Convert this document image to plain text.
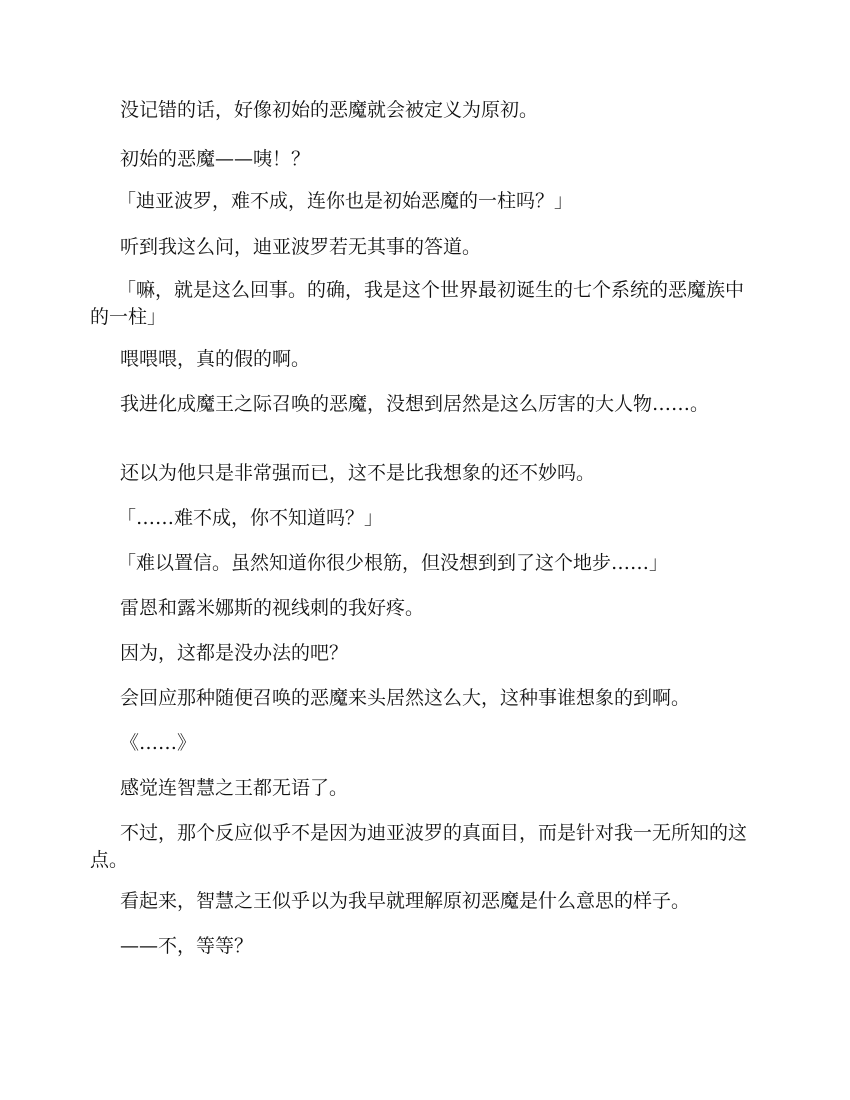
没记错的话，好像初始的恶魔就会被定义为原初。

初始的恶魔——咦！？

「迪亚波罗，难不成，连你也是初始恶魔的一柱吗？」

听到我这么问，迪亚波罗若无其事的答道。

「嘛，就是这么回事。的确，我是这个世界最初诞生的七个系统的恶魔族中的一柱」

喂喂喂，真的假的啊。

我进化成魔王之际召唤的恶魔，没想到居然是这么厉害的大人物……。

还以为他只是非常强而已，这不是比我想象的还不妙吗。

「……难不成，你不知道吗？」

「难以置信。虽然知道你很少根筋，但没想到到了这个地步……」

雷恩和露米娜斯的视线刺的我好疼。

因为，这都是没办法的吧？

会回应那种随便召唤的恶魔来头居然这么大，这种事谁想象的到啊。

《……》

感觉连智慧之王都无语了。

不过，那个反应似乎不是因为迪亚波罗的真面目，而是针对我一无所知的这点。

看起来，智慧之王似乎以为我早就理解原初恶魔是什么意思的样子。

——不，等等？
